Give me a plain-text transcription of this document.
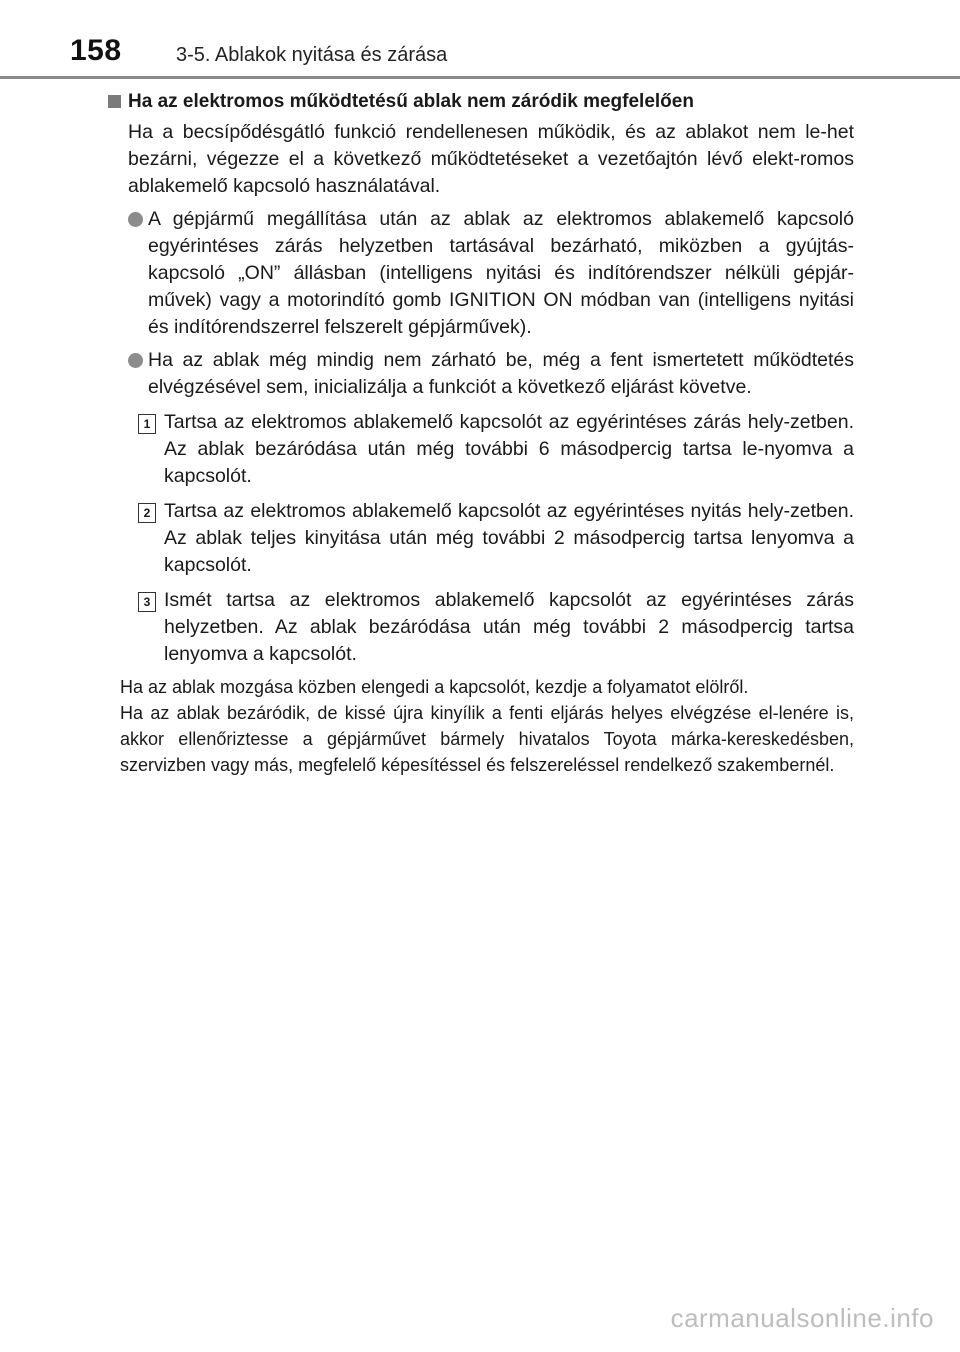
158	3-5. Ablakok nyitása és zárása
Ha az elektromos működtetésű ablak nem záródik megfelelően
Ha a becsípődésgátló funkció rendellenesen működik, és az ablakot nem le-het bezárni, végezze el a következő működtetéseket a vezetőajtón lévő elekt-romos ablakemelő kapcsoló használatával.
A gépjármű megállítása után az ablak az elektromos ablakemelő kapcsoló egyérintéses zárás helyzetben tartásával bezárható, miközben a gyújtás-kapcsoló „ON” állásban (intelligens nyitási és indítórendszer nélküli gépjár-művek) vagy a motorindító gomb IGNITION ON módban van (intelligens nyitási és indítórendszerrel felszerelt gépjárművek).
Ha az ablak még mindig nem zárható be, még a fent ismertetett működtetés elvégzésével sem, inicializálja a funkciót a következő eljárást követve.
1 Tartsa az elektromos ablakemelő kapcsolót az egyérintéses zárás hely-zetben. Az ablak bezáródása után még további 6 másodpercig tartsa le-nyomva a kapcsolót.
2 Tartsa az elektromos ablakemelő kapcsolót az egyérintéses nyitás hely-zetben. Az ablak teljes kinyitása után még további 2 másodpercig tartsa lenyomva a kapcsolót.
3 Ismét tartsa az elektromos ablakemelő kapcsolót az egyérintéses zárás helyzetben. Az ablak bezáródása után még további 2 másodpercig tartsa lenyomva a kapcsolót.
Ha az ablak mozgása közben elengedi a kapcsolót, kezdje a folyamatot elölről.
Ha az ablak bezáródik, de kissé újra kinyílik a fenti eljárás helyes elvégzése el-lenére is, akkor ellenőriztesse a gépjárművet bármely hivatalos Toyota márka-kereskedésben, szervizben vagy más, megfelelő képesítéssel és felszereléssel rendelkező szakembernél.
carmanualsonline.info
